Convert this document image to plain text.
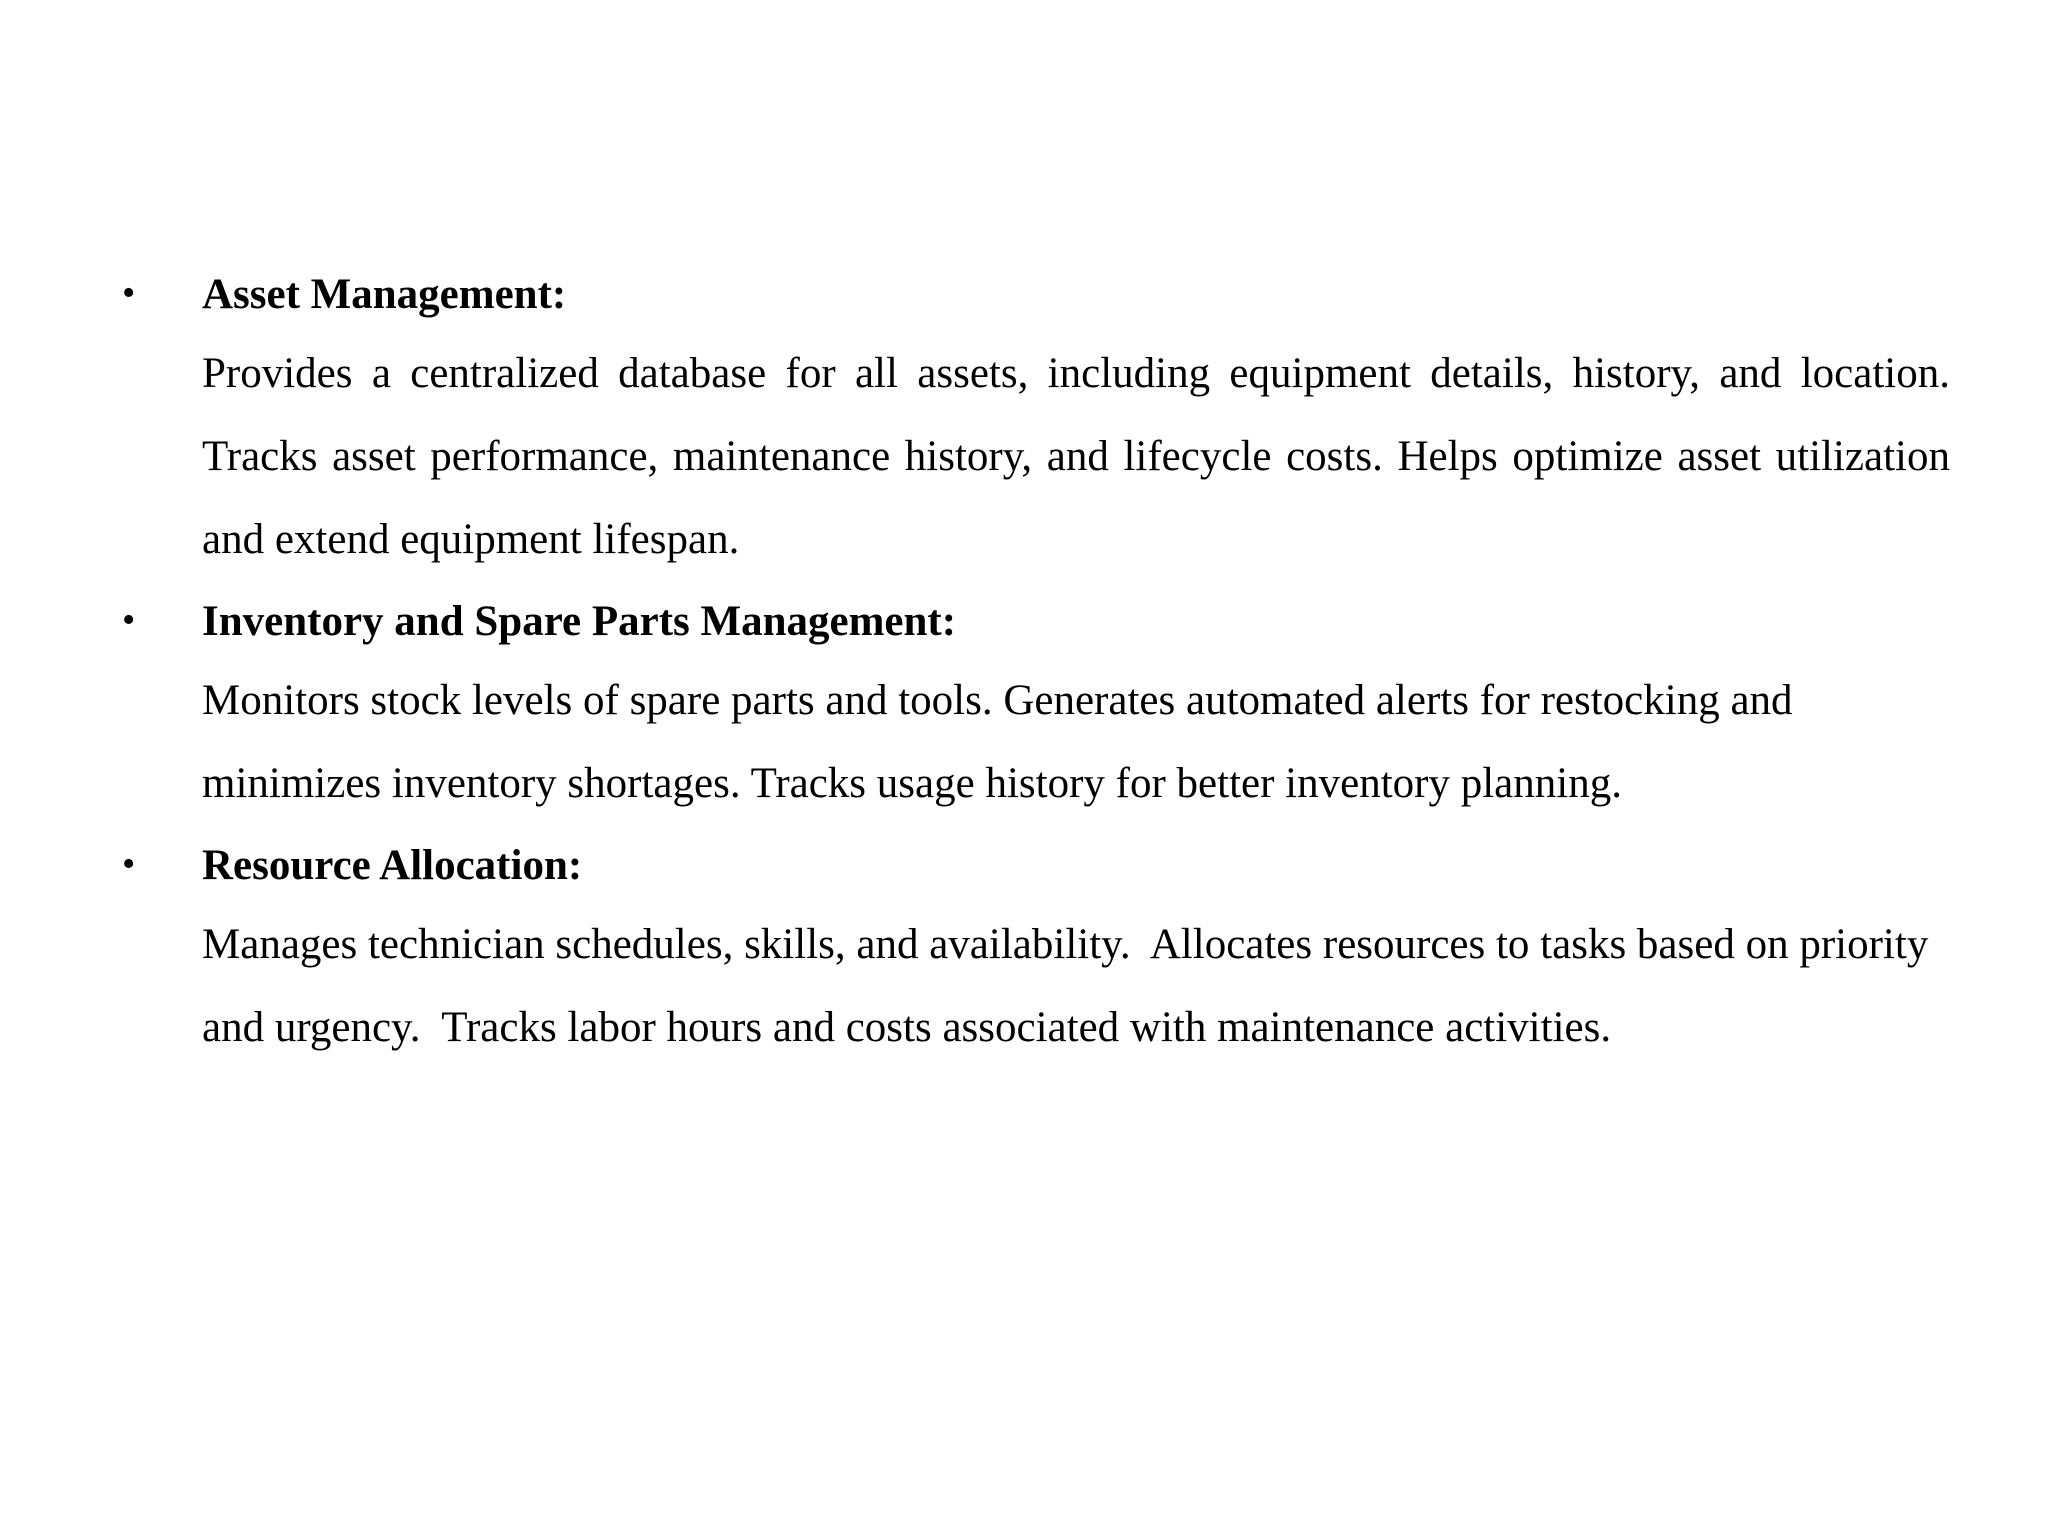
•	Asset Management:
Provides a centralized database for all assets, including equipment details, history, and location. Tracks asset performance, maintenance history, and lifecycle costs. Helps optimize asset utilization and extend equipment lifespan.
•	Inventory and Spare Parts Management:
Monitors stock levels of spare parts and tools. Generates automated alerts for restocking and minimizes inventory shortages. Tracks usage history for better inventory planning.
•	Resource Allocation:
Manages technician schedules, skills, and availability.  Allocates resources to tasks based on priority and urgency.  Tracks labor hours and costs associated with maintenance activities.
